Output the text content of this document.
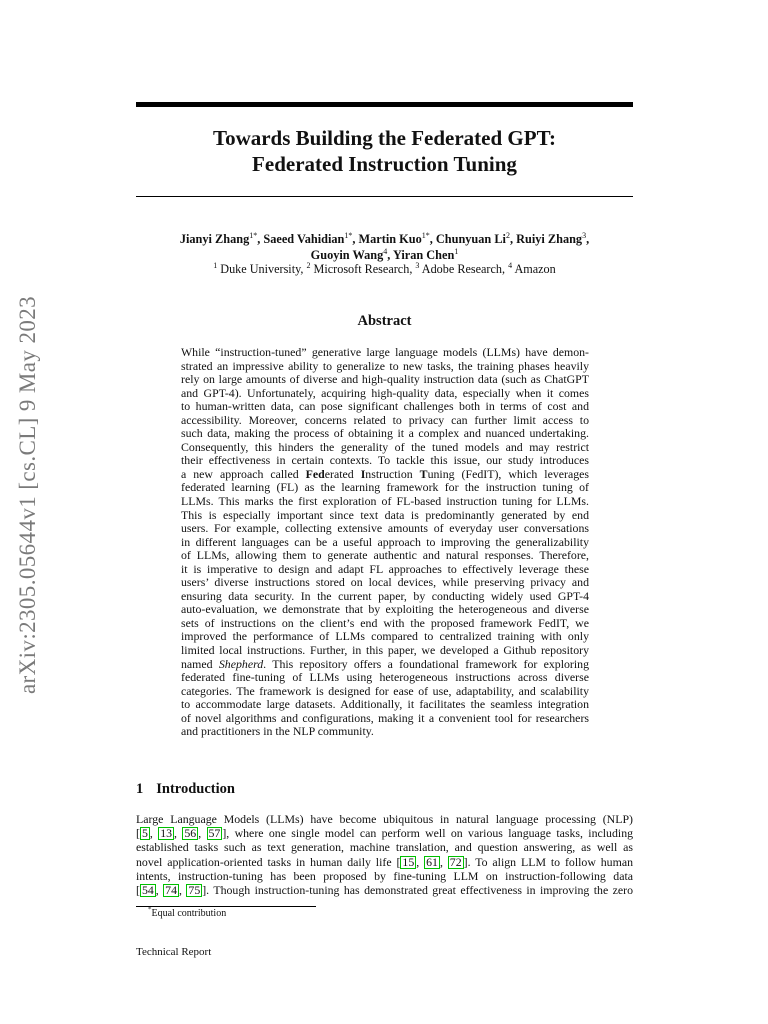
arXiv:2305.05644v1 [cs.CL] 9 May 2023
Towards Building the Federated GPT:
Federated Instruction Tuning
Jianyi Zhang$^{1*}$, Saeed Vahidian$^{1*}$, Martin Kuo$^{1*}$, Chunyuan Li$^2$, Ruiyi Zhang$^3$,
Guoyin Wang$^4$, Yiran Chen$^1$
$^1$ Duke University, $^2$ Microsoft Research, $^3$ Adobe Research, $^4$ Amazon
Abstract
While “instruction-tuned” generative large language models (LLMs) have demon-
strated an impressive ability to generalize to new tasks, the training phases heavily
rely on large amounts of diverse and high-quality instruction data (such as ChatGPT
and GPT-4). Unfortunately, acquiring high-quality data, especially when it comes
to human-written data, can pose significant challenges both in terms of cost and
accessibility. Moreover, concerns related to privacy can further limit access to
such data, making the process of obtaining it a complex and nuanced undertaking.
Consequently, this hinders the generality of the tuned models and may restrict
their effectiveness in certain contexts. To tackle this issue, our study introduces
a new approach called Federated Instruction Tuning (FedIT), which leverages
federated learning (FL) as the learning framework for the instruction tuning of
LLMs. This marks the first exploration of FL-based instruction tuning for LLMs.
This is especially important since text data is predominantly generated by end
users. For example, collecting extensive amounts of everyday user conversations
in different languages can be a useful approach to improving the generalizability
of LLMs, allowing them to generate authentic and natural responses. Therefore,
it is imperative to design and adapt FL approaches to effectively leverage these
users’ diverse instructions stored on local devices, while preserving privacy and
ensuring data security. In the current paper, by conducting widely used GPT-4
auto-evaluation, we demonstrate that by exploiting the heterogeneous and diverse
sets of instructions on the client’s end with the proposed framework FedIT, we
improved the performance of LLMs compared to centralized training with only
limited local instructions. Further, in this paper, we developed a Github repository
named Shepherd. This repository offers a foundational framework for exploring
federated fine-tuning of LLMs using heterogeneous instructions across diverse
categories. The framework is designed for ease of use, adaptability, and scalability
to accommodate large datasets. Additionally, it facilitates the seamless integration
of novel algorithms and configurations, making it a convenient tool for researchers
and practitioners in the NLP community.
1 Introduction
Large Language Models (LLMs) have become ubiquitous in natural language processing (NLP)
[ 5 , 13 , 56 , 57 ], where one single model can perform well on various language tasks, including
established tasks such as text generation, machine translation, and question answering, as well as
novel application-oriented tasks in human daily life [ 15 , 61 , 72 ]. To align LLM to follow human
intents, instruction-tuning has been proposed by fine-tuning LLM on instruction-following data
[ 54 , 74 , 75 ]. Though instruction-tuning has demonstrated great effectiveness in improving the zero
*Equal contribution
Technical Report
